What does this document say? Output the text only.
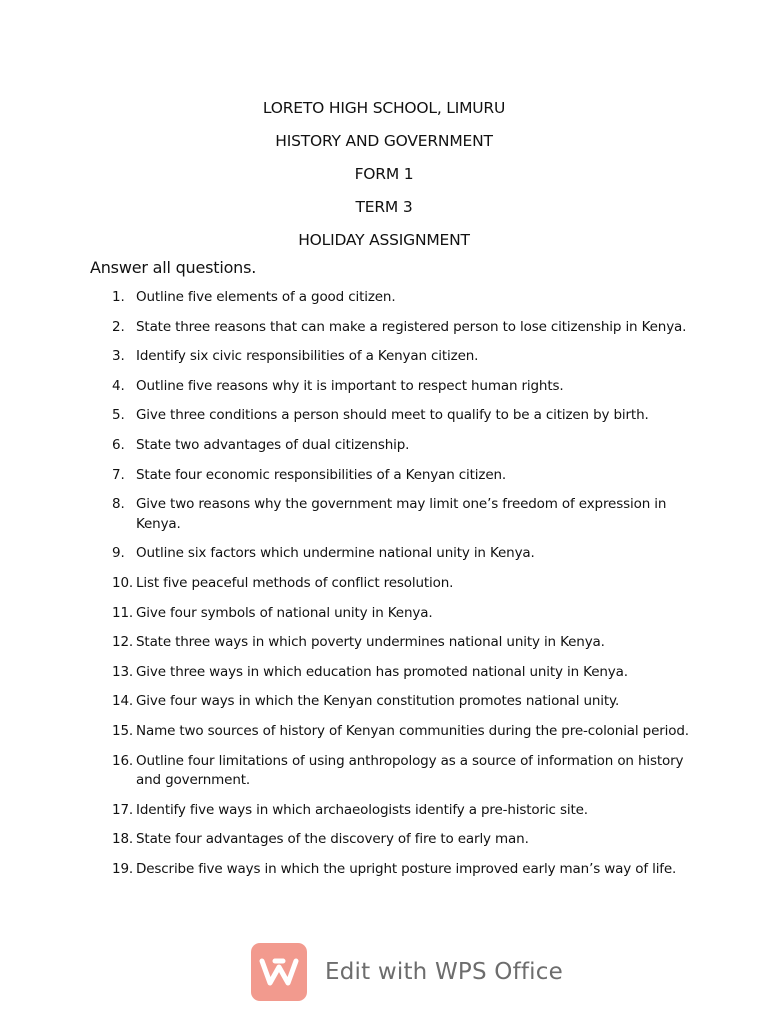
LORETO HIGH SCHOOL, LIMURU
HISTORY AND GOVERNMENT
FORM 1
TERM 3
HOLIDAY ASSIGNMENT
Answer all questions.
1. Outline five elements of a good citizen.
2. State three reasons that can make a registered person to lose citizenship in Kenya.
3. Identify six civic responsibilities of a Kenyan citizen.
4. Outline five reasons why it is important to respect human rights.
5. Give three conditions a person should meet to qualify to be a citizen by birth.
6. State two advantages of dual citizenship.
7. State four economic responsibilities of a Kenyan citizen.
8. Give two reasons why the government may limit one’s freedom of expression in Kenya.
9. Outline six factors which undermine national unity in Kenya.
10. List five peaceful methods of conflict resolution.
11. Give four symbols of national unity in Kenya.
12. State three ways in which poverty undermines national unity in Kenya.
13. Give three ways in which education has promoted national unity in Kenya.
14. Give four ways in which the Kenyan constitution promotes national unity.
15. Name two sources of history of Kenyan communities during the pre-colonial period.
16. Outline four limitations of using anthropology as a source of information on history and government.
17. Identify five ways in which archaeologists identify a pre-historic site.
18. State four advantages of the discovery of fire to early man.
19. Describe five ways in which the upright posture improved early man’s way of life.
Edit with WPS Office
